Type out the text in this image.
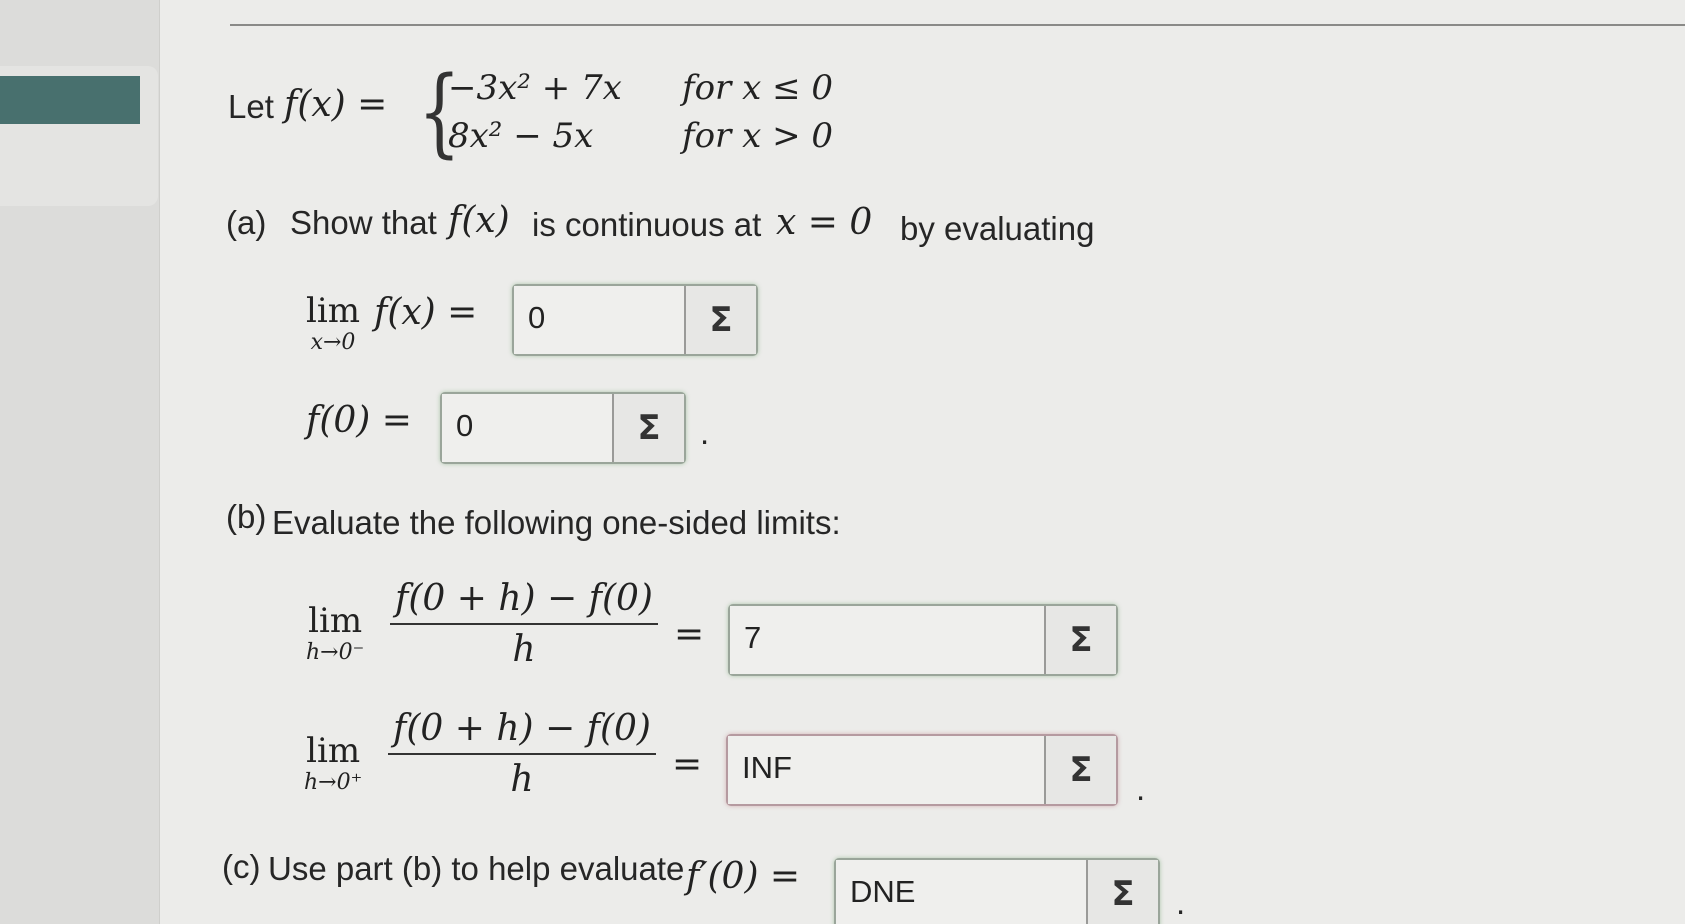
Let f(x) = {
−3x² + 7x for x ≤ 0
8x² − 5x	for x > 0
(a) Show that f(x) is continuous at x = 0 by evaluating
lim
x→0
f(x) =	0	Σ
f(0) =	0	Σ	.
(b) Evaluate the following one-sided limits:
lim
h→0⁻
f(0 + h) − f(0)
h	=	7	Σ
lim
h→0⁺
f(0 + h) − f(0)
h	=	INF	Σ	.
(c) Use part (b) to help evaluate f′(0) =	DNE	Σ	.
